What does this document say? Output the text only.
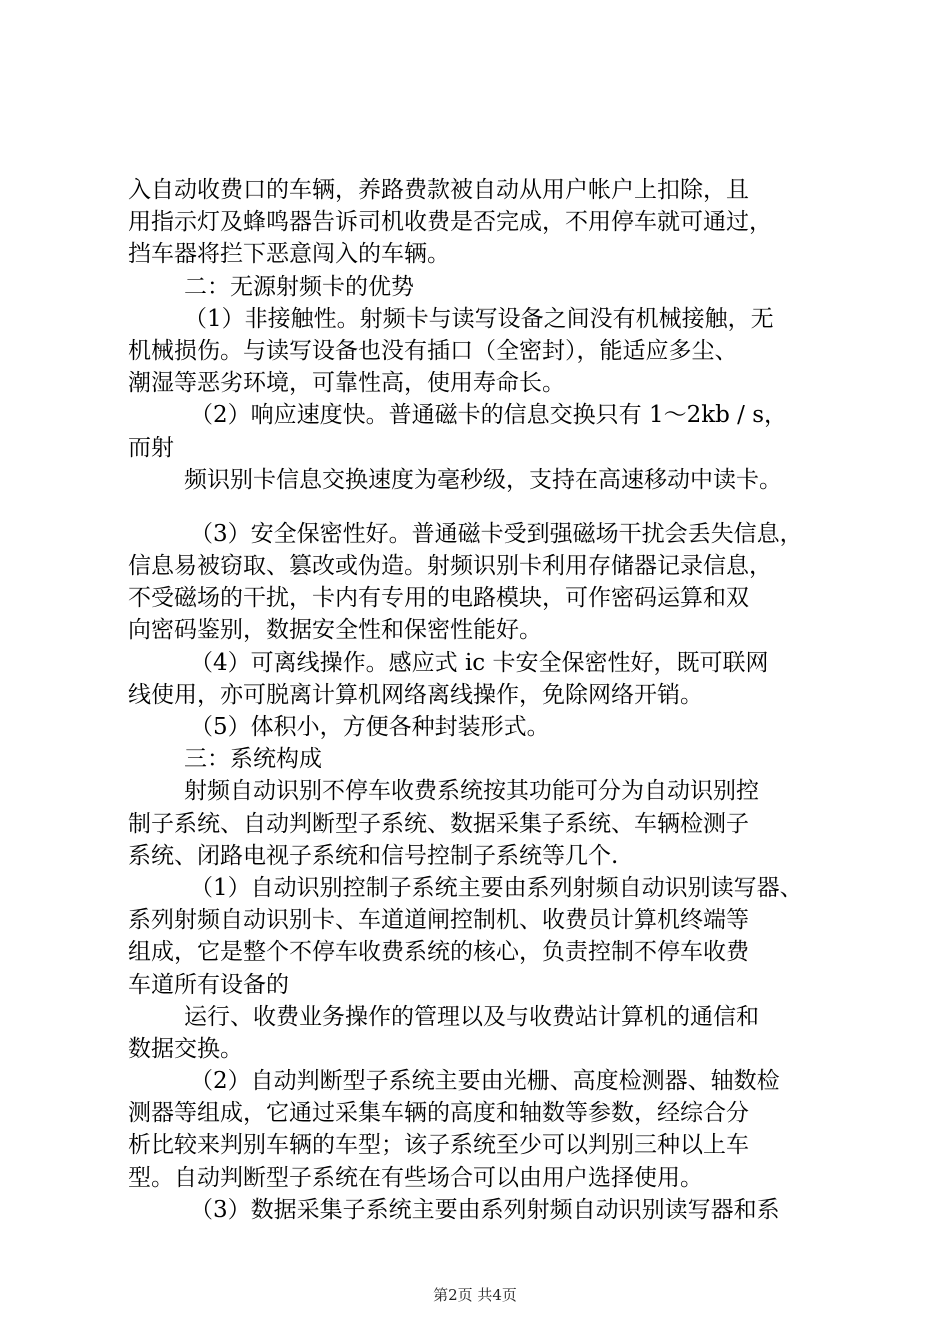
入自动收费口的车辆，养路费款被自动从用户帐户上扣除，且
用指示灯及蜂鸣器告诉司机收费是否完成，不用停车就可通过，
挡车器将拦下恶意闯入的车辆。
二：无源射频卡的优势
（1）非接触性。射频卡与读写设备之间没有机械接触，无
机械损伤。与读写设备也没有插口（全密封），能适应多尘、
潮湿等恶劣环境，可靠性高，使用寿命长。
（2）响应速度快。普通磁卡的信息交换只有 1～2kb / s，
而射
频识别卡信息交换速度为毫秒级，支持在高速移动中读卡。
（3）安全保密性好。普通磁卡受到强磁场干扰会丢失信息，
信息易被窃取、篡改或伪造。射频识别卡利用存储器记录信息，
不受磁场的干扰，卡内有专用的电路模块，可作密码运算和双
向密码鉴别，数据安全性和保密性能好。
（4）可离线操作。感应式 ic 卡安全保密性好，既可联网
线使用，亦可脱离计算机网络离线操作，免除网络开销。
（5）体积小，方便各种封装形式。
三：系统构成
射频自动识别不停车收费系统按其功能可分为自动识别控
制子系统、自动判断型子系统、数据采集子系统、车辆检测子
系统、闭路电视子系统和信号控制子系统等几个.
（1）自动识别控制子系统主要由系列射频自动识别读写器、
系列射频自动识别卡、车道道闸控制机、收费员计算机终端等
组成，它是整个不停车收费系统的核心，负责控制不停车收费
车道所有设备的
运行、收费业务操作的管理以及与收费站计算机的通信和
数据交换。
（2）自动判断型子系统主要由光栅、高度检测器、轴数检
测器等组成，它通过采集车辆的高度和轴数等参数，经综合分
析比较来判别车辆的车型；该子系统至少可以判别三种以上车
型。自动判断型子系统在有些场合可以由用户选择使用。
（3）数据采集子系统主要由系列射频自动识别读写器和系
第2页 共4页
